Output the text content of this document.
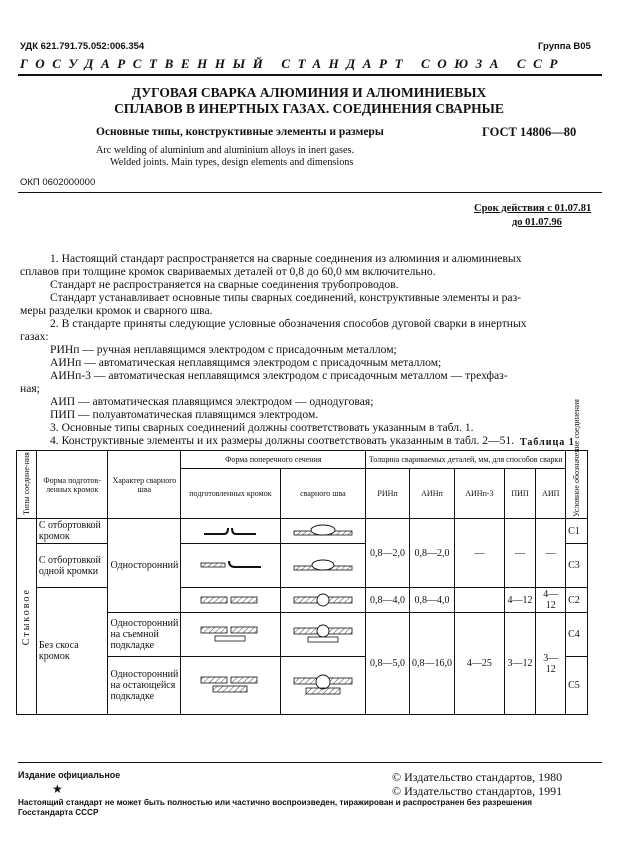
УДК 621.791.75.052:006.354	Группа В05
ГОСУДАРСТВЕННЫЙ СТАНДАРТ СОЮЗА ССР
ДУГОВАЯ СВАРКА АЛЮМИНИЯ И АЛЮМИНИЕВЫХ
СПЛАВОВ В ИНЕРТНЫХ ГАЗАХ. СОЕДИНЕНИЯ СВАРНЫЕ
Основные типы, конструктивные элементы и размеры	ГОСТ 14806—80
Arc welding of aluminium and aluminium alloys in inert gases.
Welded joints. Main types, design elements and dimensions
ОКП 0602000000
Срок действия с 01.07.81
до 01.07.96
1. Настоящий стандарт распространяется на сварные соединения из алюминия и алюминиевых
сплавов при толщине кромок свариваемых деталей от 0,8 до 60,0 мм включительно.
Стандарт не распространяется на сварные соединения трубопроводов.
Стандарт устанавливает основные типы сварных соединений, конструктивные элементы и раз-
меры разделки кромок и сварного шва.
2. В стандарте приняты следующие условные обозначения способов дуговой сварки в инертных
газах:
РИНп — ручная неплавящимся электродом с присадочным металлом;
АИНп — автоматическая неплавящимся электродом с присадочным металлом;
АИНп-3 — автоматическая неплавящимся электродом с присадочным металлом — трехфаз-
ная;
АИП — автоматическая плавящимся электродом — однодуговая;
ПИП — полуавтоматическая плавящимся электродом.
3. Основные типы сварных соединений должны соответствовать указанным в табл. 1.
4. Конструктивные элементы и их размеры должны соответствовать указанным в табл. 2—51. Таблица 1
Типы соедине-ния	Форма подготов-ленных кромок	Характер сварного шва	Форма поперечного сечения		Толщина свариваемых деталей, мм, для способов сварки					Условное обозначение соединения

			подготовленных кромок	сварного шва	РИНп	АИНп	АИНп-3	ПИП	АИП	

Стыковое	С отбортовкой кромок	Односторонний			0,8—2,0	0,8—2,0	—	—	—	С1
	С отбортовкой одной кромки									С3
	Без скоса кромок				0,8—4,0	0,8—4,0		4—12	4—12	С2
		Односторонний на съемной подкладке			0,8—5,0	0,8—16,0	4—25	3—12	3—12	С4
		Односторонний на остающейся подкладке								С5
Издание официальное
★
© Издательство стандартов, 1980
© Издательство стандартов, 1991
Настоящий стандарт не может быть полностью или частично воспроизведен, тиражирован и распространен без разрешения
Госстандарта СССР
